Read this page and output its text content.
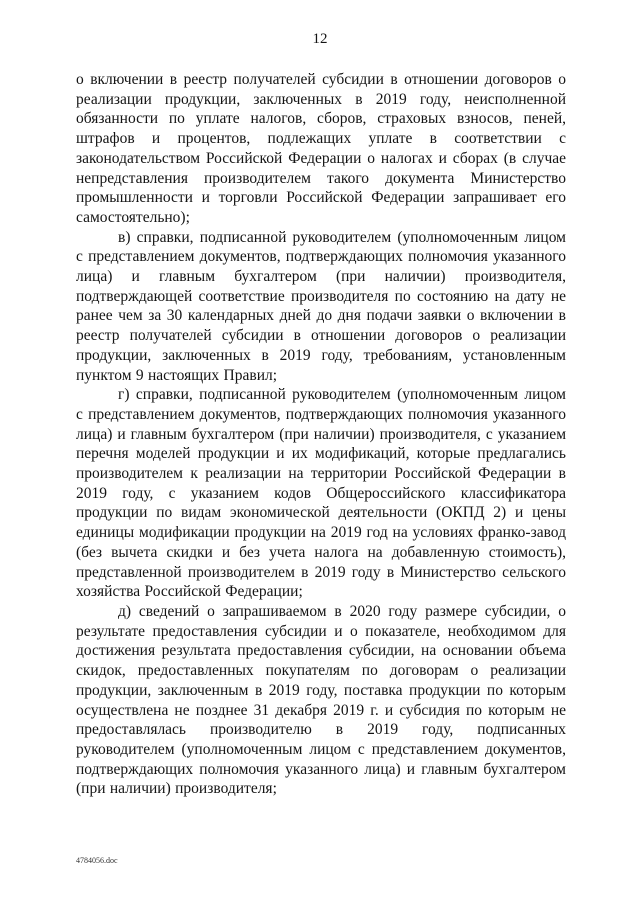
12

о включении в реестр получателей субсидии в отношении договоров о реализации продукции, заключенных в 2019 году, неисполненной обязанности по уплате налогов, сборов, страховых взносов, пеней, штрафов и процентов, подлежащих уплате в соответствии с законодательством Российской Федерации о налогах и сборах (в случае непредставления производителем такого документа Министерство промышленности и торговли Российской Федерации запрашивает его самостоятельно);

в) справки, подписанной руководителем (уполномоченным лицом с представлением документов, подтверждающих полномочия указанного лица) и главным бухгалтером (при наличии) производителя, подтверждающей соответствие производителя по состоянию на дату не ранее чем за 30 календарных дней до дня подачи заявки о включении в реестр получателей субсидии в отношении договоров о реализации продукции, заключенных в 2019 году, требованиям, установленным пунктом 9 настоящих Правил;

г) справки, подписанной руководителем (уполномоченным лицом с представлением документов, подтверждающих полномочия указанного лица) и главным бухгалтером (при наличии) производителя, с указанием перечня моделей продукции и их модификаций, которые предлагались производителем к реализации на территории Российской Федерации в 2019 году, с указанием кодов Общероссийского классификатора продукции по видам экономической деятельности (ОКПД 2) и цены единицы модификации продукции на 2019 год на условиях франко-завод (без вычета скидки и без учета налога на добавленную стоимость), представленной производителем в 2019 году в Министерство сельского хозяйства Российской Федерации;

д) сведений о запрашиваемом в 2020 году размере субсидии, о результате предоставления субсидии и о показателе, необходимом для достижения результата предоставления субсидии, на основании объема скидок, предоставленных покупателям по договорам о реализации продукции, заключенным в 2019 году, поставка продукции по которым осуществлена не позднее 31 декабря 2019 г. и субсидия по которым не предоставлялась производителю в 2019 году, подписанных руководителем (уполномоченным лицом с представлением документов, подтверждающих полномочия указанного лица) и главным бухгалтером (при наличии) производителя;

4784056.doc
